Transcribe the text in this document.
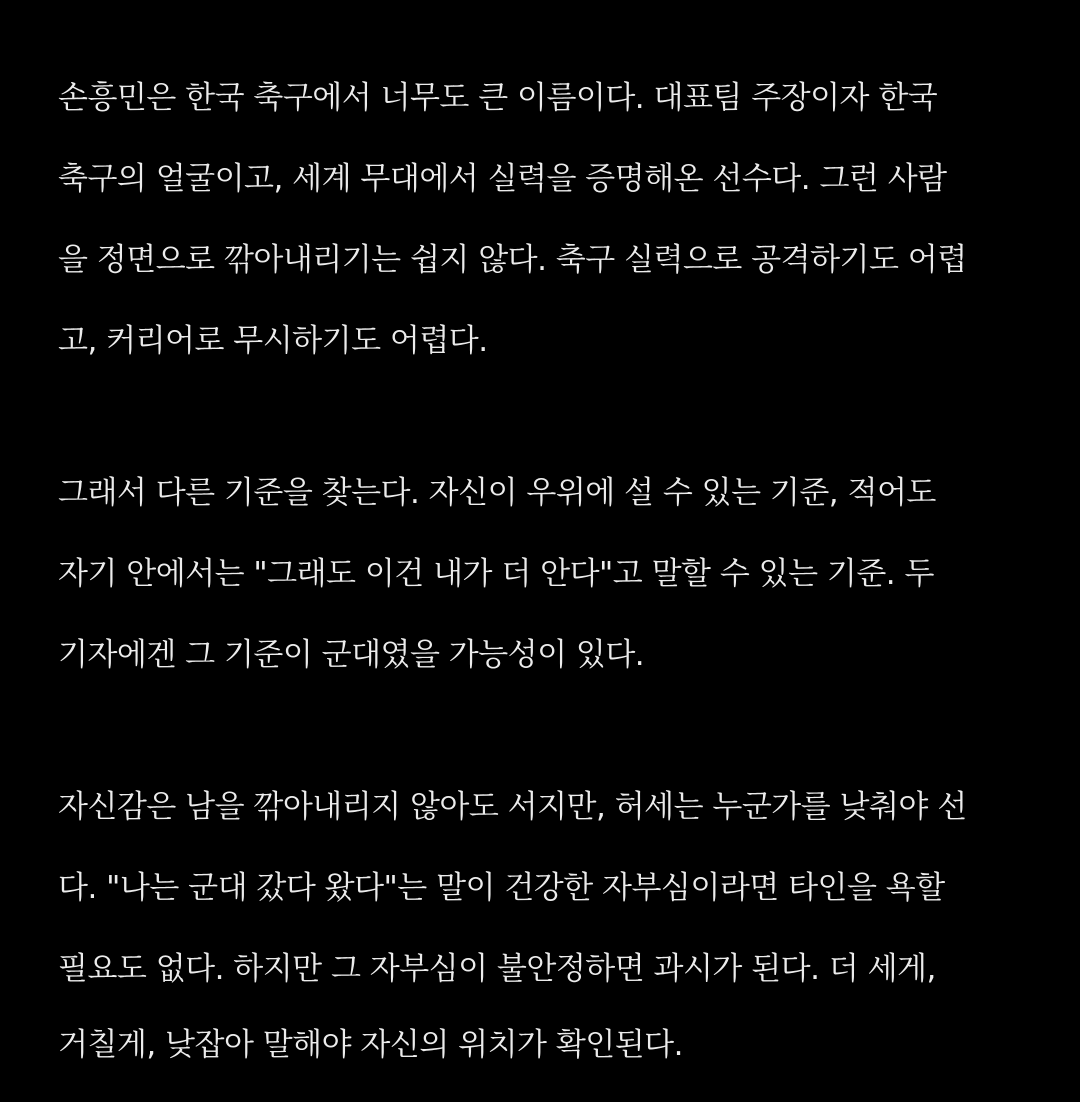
손흥민은 한국 축구에서 너무도 큰 이름이다. 대표팀 주장이자 한국
축구의 얼굴이고, 세계 무대에서 실력을 증명해온 선수다. 그런 사람
을 정면으로 깎아내리기는 쉽지 않다. 축구 실력으로 공격하기도 어렵
고, 커리어로 무시하기도 어렵다.
그래서 다른 기준을 찾는다. 자신이 우위에 설 수 있는 기준, 적어도
자기 안에서는 "그래도 이건 내가 더 안다"고 말할 수 있는 기준. 두
기자에겐 그 기준이 군대였을 가능성이 있다.
자신감은 남을 깎아내리지 않아도 서지만, 허세는 누군가를 낮춰야 선
다. "나는 군대 갔다 왔다"는 말이 건강한 자부심이라면 타인을 욕할
필요도 없다. 하지만 그 자부심이 불안정하면 과시가 된다. 더 세게,
거칠게, 낮잡아 말해야 자신의 위치가 확인된다.
